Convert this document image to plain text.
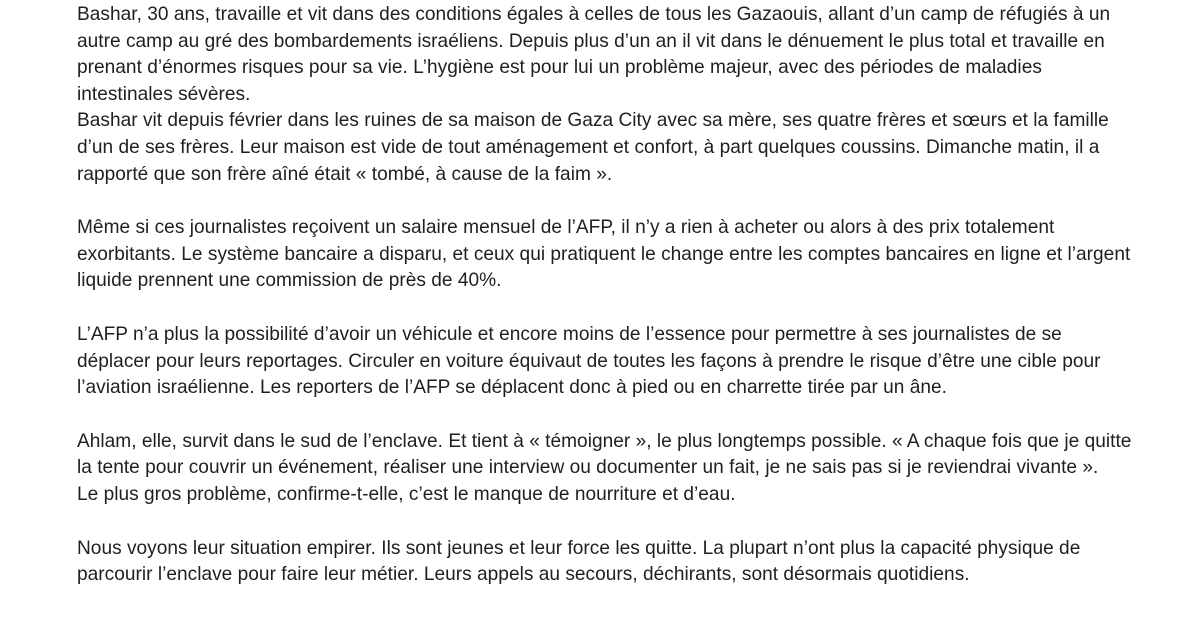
Bashar, 30 ans, travaille et vit dans des conditions égales à celles de tous les Gazaouis, allant d’un camp de réfugiés à un autre camp au gré des bombardements israéliens. Depuis plus d’un an il vit dans le dénuement le plus total et travaille en prenant d’énormes risques pour sa vie. L’hygiène est pour lui un problème majeur, avec des périodes de maladies intestinales sévères.

Bashar vit depuis février dans les ruines de sa maison de Gaza City avec sa mère, ses quatre frères et sœurs et la famille d’un de ses frères. Leur maison est vide de tout aménagement et confort, à part quelques coussins. Dimanche matin, il a rapporté que son frère aîné était « tombé, à cause de la faim ».

Même si ces journalistes reçoivent un salaire mensuel de l’AFP, il n’y a rien à acheter ou alors à des prix totalement exorbitants. Le système bancaire a disparu, et ceux qui pratiquent le change entre les comptes bancaires en ligne et l’argent liquide prennent une commission de près de 40%.

L’AFP n’a plus la possibilité d’avoir un véhicule et encore moins de l’essence pour permettre à ses journalistes de se déplacer pour leurs reportages. Circuler en voiture équivaut de toutes les façons à prendre le risque d’être une cible pour l’aviation israélienne. Les reporters de l’AFP se déplacent donc à pied ou en charrette tirée par un âne.

Ahlam, elle, survit dans le sud de l’enclave. Et tient à « témoigner », le plus longtemps possible. « A chaque fois que je quitte la tente pour couvrir un événement, réaliser une interview ou documenter un fait, je ne sais pas si je reviendrai vivante ».

Le plus gros problème, confirme-t-elle, c’est le manque de nourriture et d’eau.

Nous voyons leur situation empirer. Ils sont jeunes et leur force les quitte. La plupart n’ont plus la capacité physique de parcourir l’enclave pour faire leur métier. Leurs appels au secours, déchirants, sont désormais quotidiens.
